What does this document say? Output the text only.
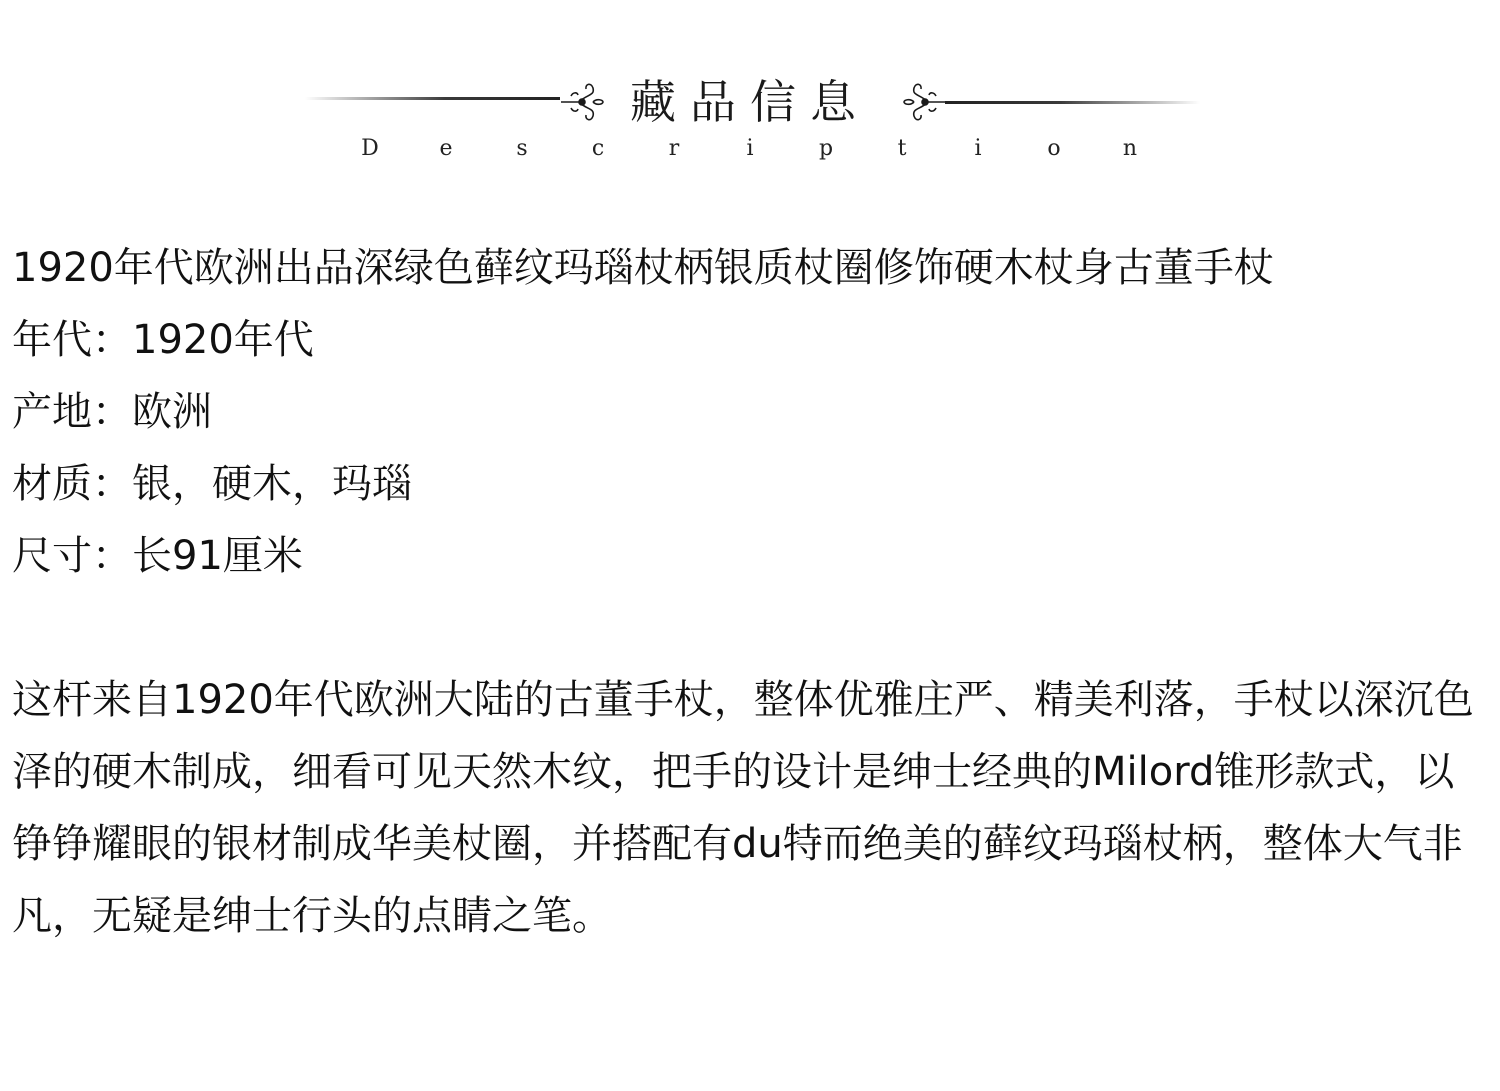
藏品信息
D	e	s	c	r	i	p	t	i	o	n
1920年代欧洲出品深绿色藓纹玛瑙杖柄银质杖圈修饰硬木杖身古董手杖

年代：1920年代

产地：欧洲

材质：银，硬木，玛瑙

尺寸：长91厘米

这杆来自1920年代欧洲大陆的古董手杖，整体优雅庄严、精美利落，手杖以深沉色泽的硬木制成，细看可见天然木纹，把手的设计是绅士经典的Milord锥形款式，以铮铮耀眼的银材制成华美杖圈，并搭配有du特而绝美的藓纹玛瑙杖柄，整体大气非凡，无疑是绅士行头的点睛之笔。
